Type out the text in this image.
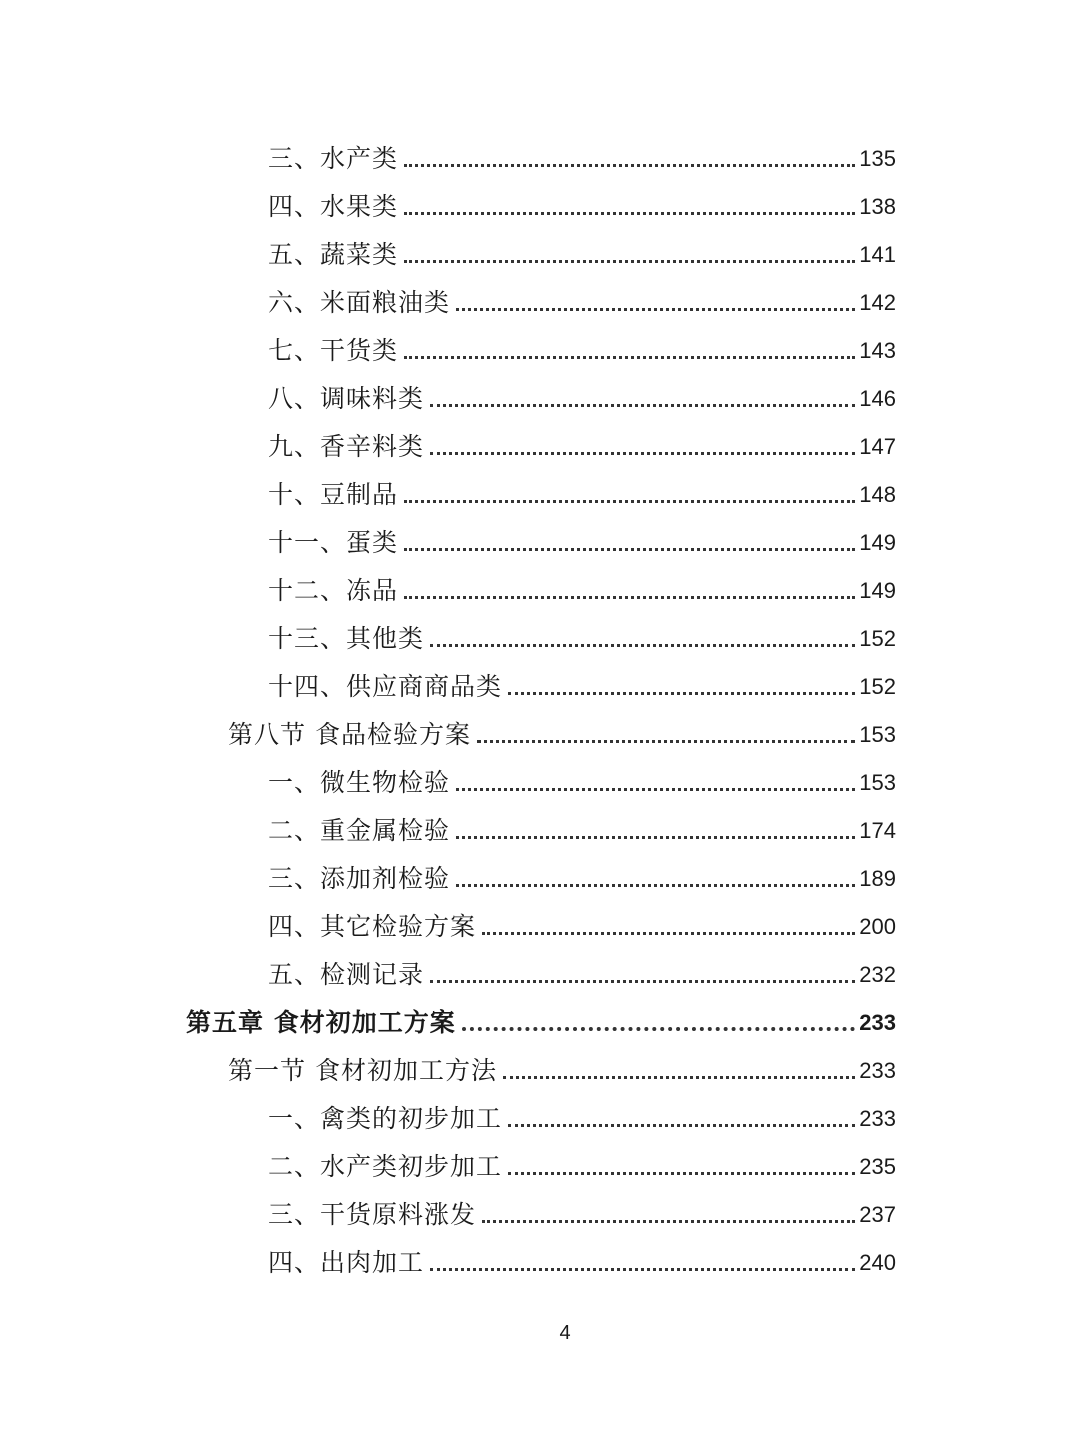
三、水产类	135
四、水果类	138
五、蔬菜类	141
六、米面粮油类	142
七、干货类	143
八、调味料类	146
九、香辛料类	147
十、豆制品	148
十一、蛋类	149
十二、冻品	149
十三、其他类	152
十四、供应商商品类	152
第八节 食品检验方案	153
一、微生物检验	153
二、重金属检验	174
三、添加剂检验	189
四、其它检验方案	200
五、检测记录	232
第五章 食材初加工方案	233
第一节 食材初加工方法	233
一、禽类的初步加工	233
二、水产类初步加工	235
三、干货原料涨发	237
四、出肉加工	240
4
